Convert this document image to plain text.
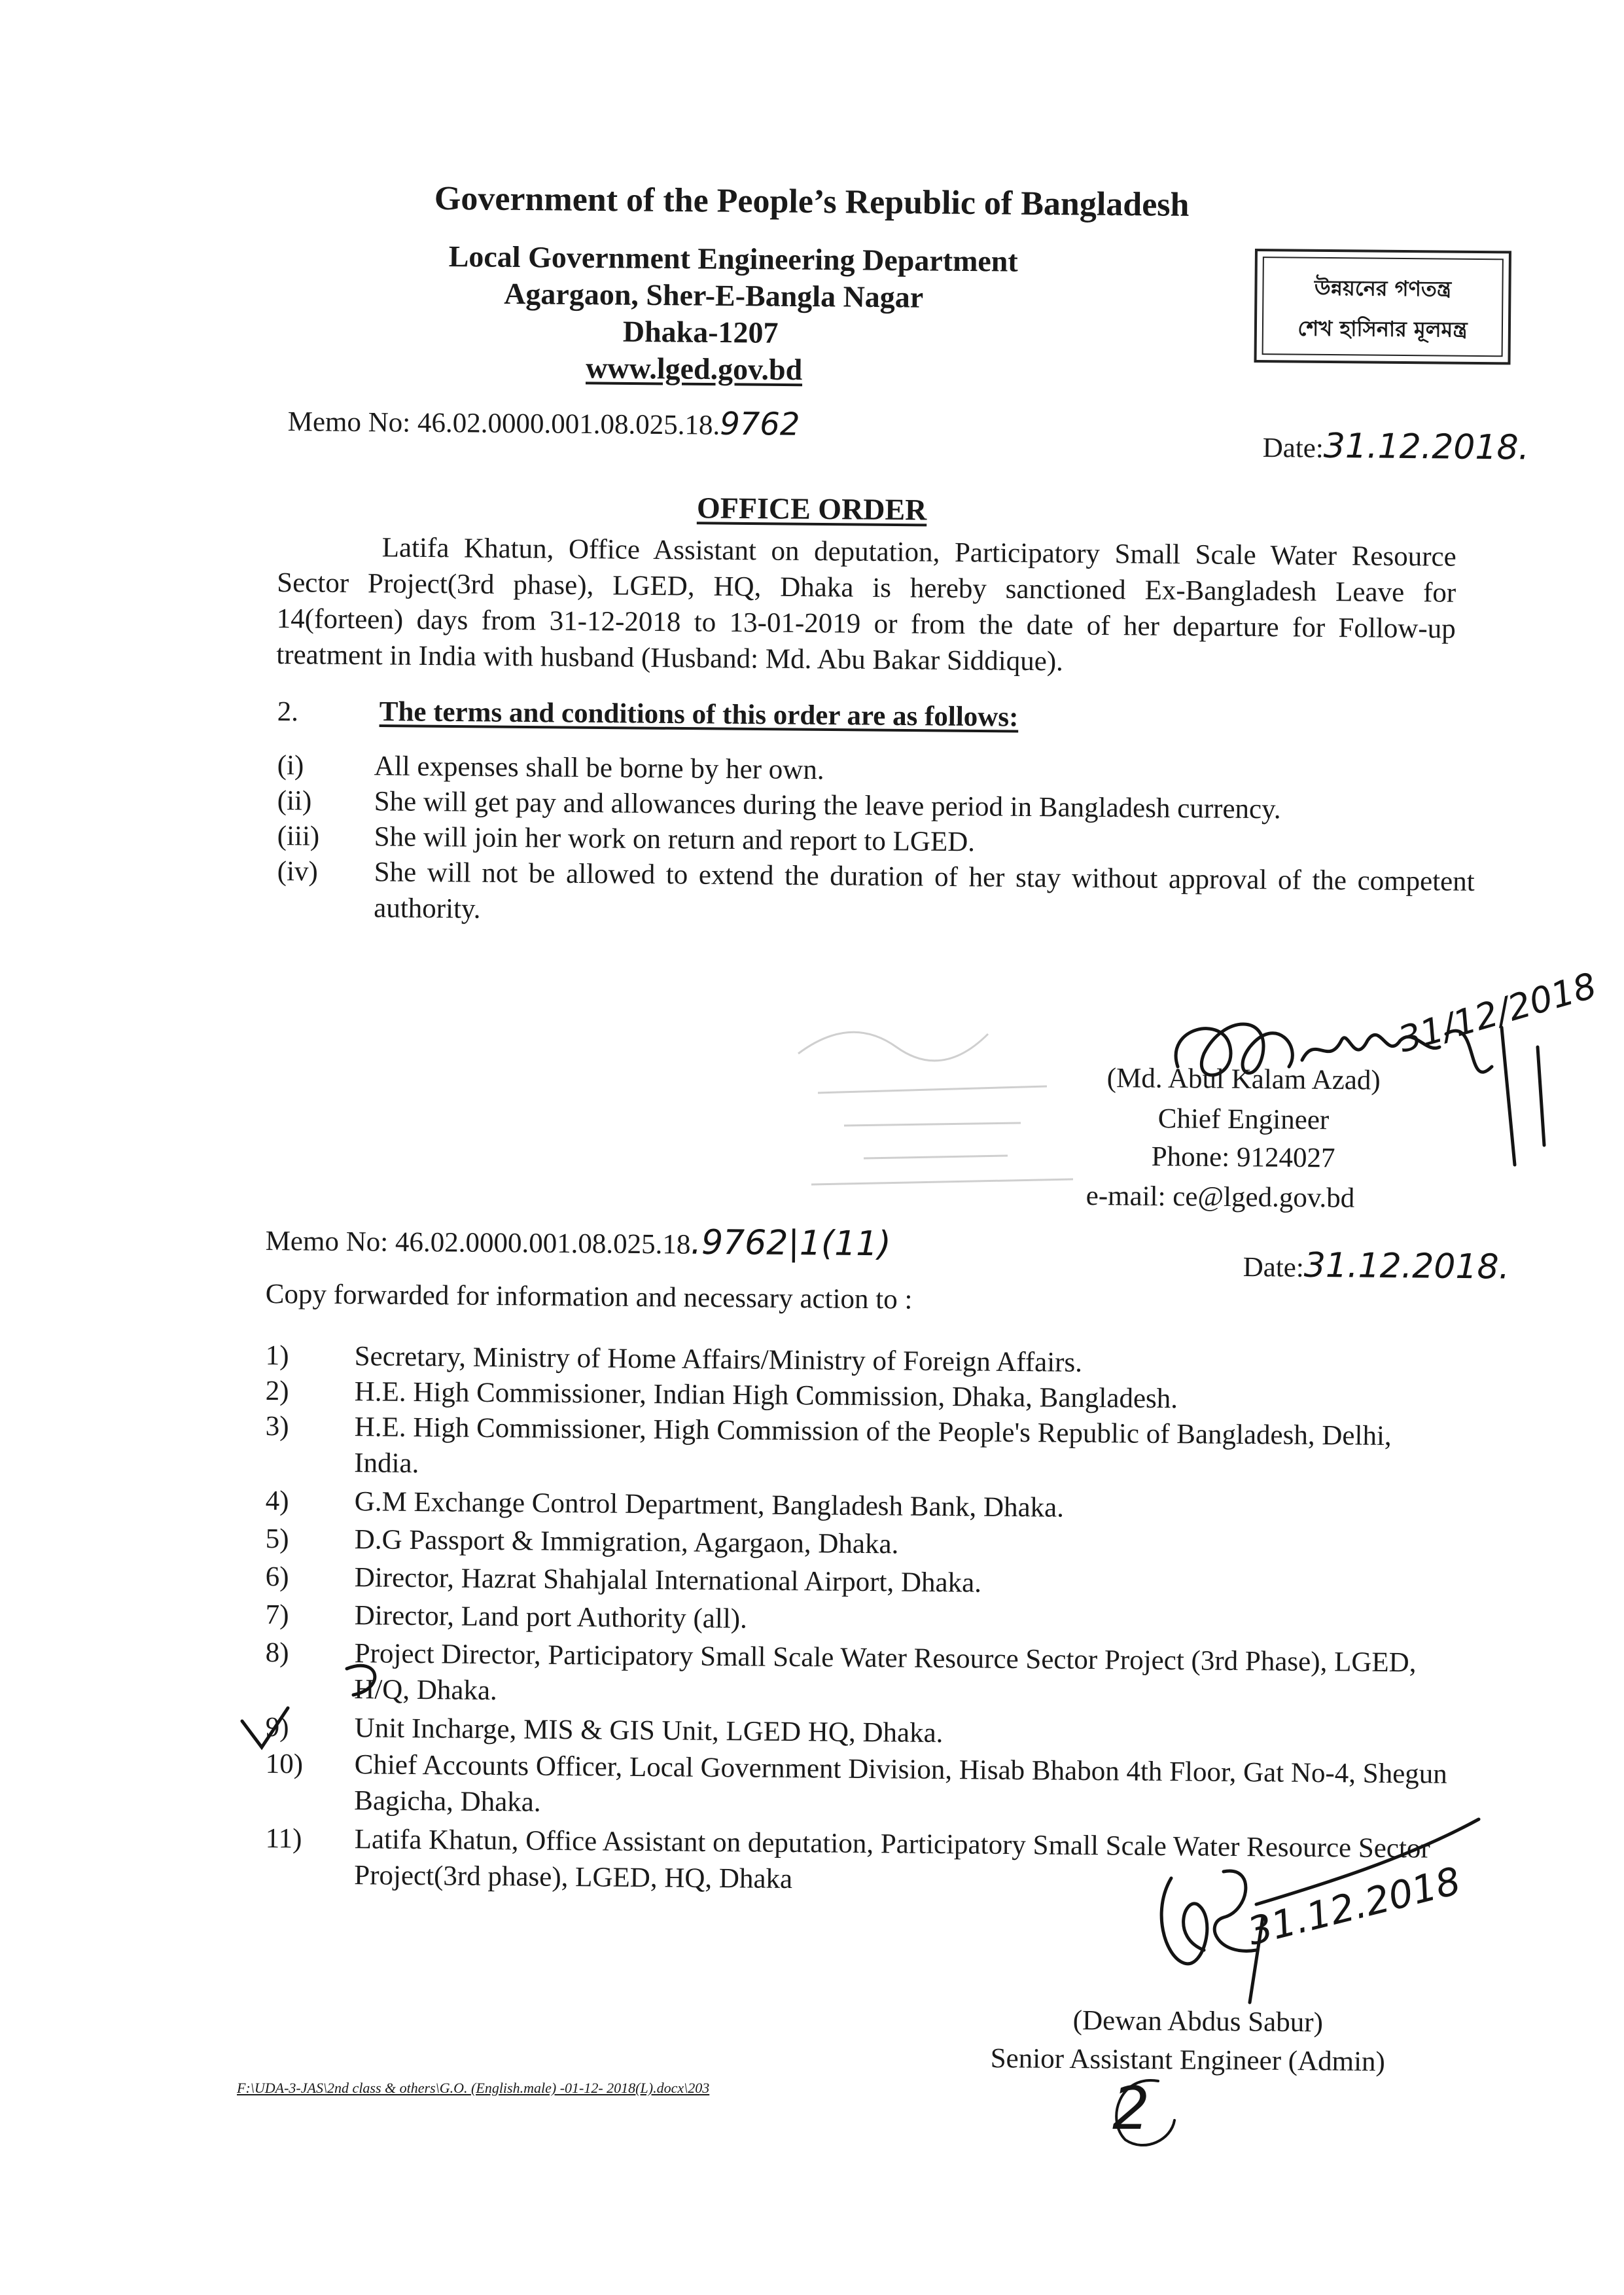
Government of the People’s Republic of Bangladesh
Local Government Engineering Department
Agargaon, Sher-E-Bangla Nagar
Dhaka-1207
www.lged.gov.bd
উন্নয়নের গণতন্ত্র
শেখ হাসিনার মূলমন্ত্র
Memo No: 46.02.0000.001.08.025.18.9762
Date:31.12.2018.
OFFICE ORDER
Latifa Khatun, Office Assistant on deputation, Participatory Small Scale Water Resource Sector Project(3rd phase), LGED, HQ, Dhaka is hereby sanctioned Ex-Bangladesh Leave for 14(forteen) days from 31-12-2018 to 13-01-2019 or from the date of her departure for Follow-up treatment in India with husband (Husband: Md. Abu Bakar Siddique).
2.	The terms and conditions of this order are as follows:
(i)	All expenses shall be borne by her own.
(ii)	She will get pay and allowances during the leave period in Bangladesh currency.
(iii)	She will join her work on return and report to LGED.
(iv)	She will not be allowed to extend the duration of her stay without approval of the competent authority.
31/12/2018
(Md. Abul Kalam Azad)
Chief Engineer
Phone: 9124027
e-mail: ce@lged.gov.bd
Memo No: 46.02.0000.001.08.025.18.9762|1(11)
Date:31.12.2018.
Copy forwarded for information and necessary action to :
1)	Secretary, Ministry of Home Affairs/Ministry of Foreign Affairs.
2)	H.E. High Commissioner, Indian High Commission, Dhaka, Bangladesh.
3)	H.E. High Commissioner, High Commission of the People's Republic of Bangladesh, Delhi, India.
4)	G.M Exchange Control Department, Bangladesh Bank, Dhaka.
5)	D.G Passport & Immigration, Agargaon, Dhaka.
6)	Director, Hazrat Shahjalal International Airport, Dhaka.
7)	Director, Land port Authority (all).
8)	Project Director, Participatory Small Scale Water Resource Sector Project (3rd Phase), LGED, H/Q, Dhaka.
9)	Unit Incharge, MIS & GIS Unit, LGED HQ, Dhaka.
10)	Chief Accounts Officer, Local Government Division, Hisab Bhabon 4th Floor, Gat No-4, Shegun Bagicha, Dhaka.
11)	Latifa Khatun, Office Assistant on deputation, Participatory Small Scale Water Resource Sector Project(3rd phase), LGED, HQ, Dhaka	31.12.2018
(Dewan Abdus Sabur)
Senior Assistant Engineer (Admin)
2
F:\UDA-3-JAS\2nd class & others\G.O. (English.male) -01-12- 2018(L).docx\203
